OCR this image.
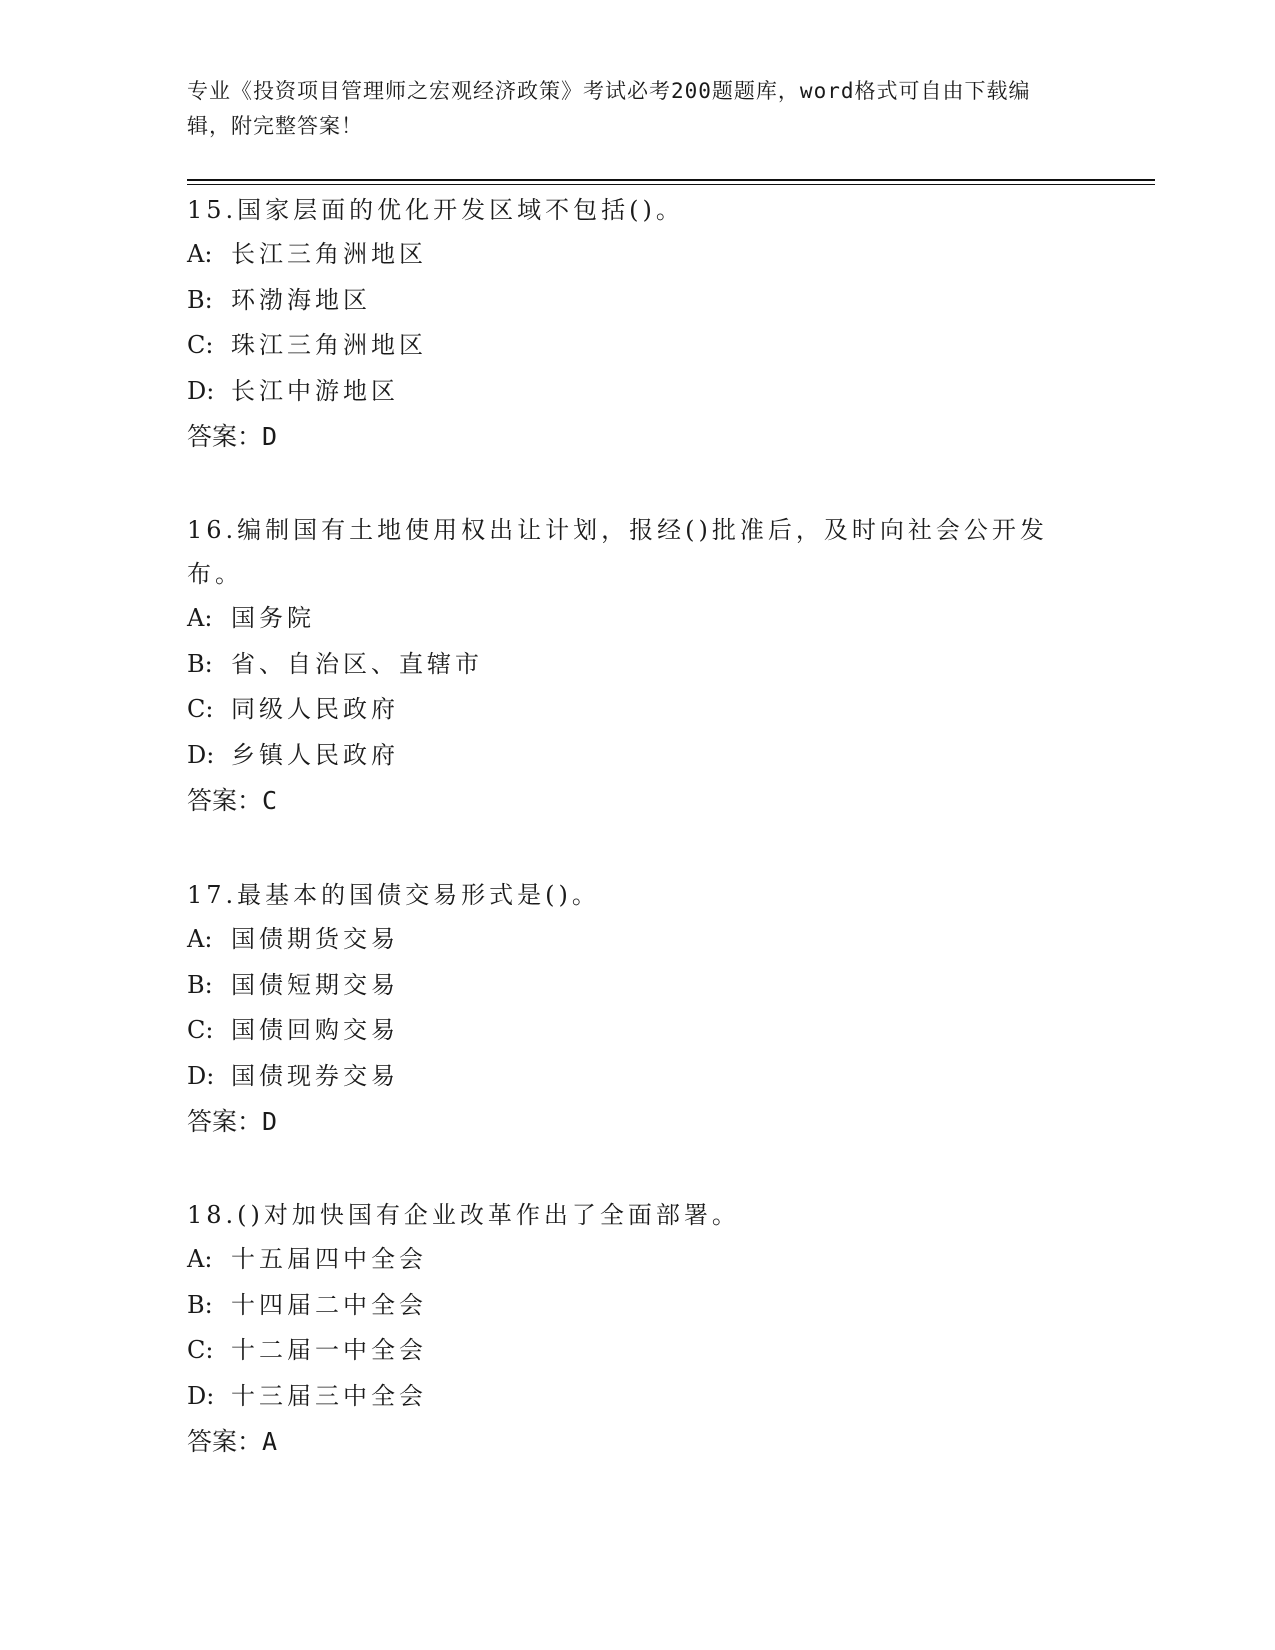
专业《投资项目管理师之宏观经济政策》考试必考200题题库，word格式可自由下载编辑，附完整答案！

15.国家层面的优化开发区域不包括()。

A: 长江三角洲地区

B: 环渤海地区

C: 珠江三角洲地区

D: 长江中游地区

答案：D

16.编制国有土地使用权出让计划，报经()批准后，及时向社会公开发布。

A: 国务院

B: 省、自治区、直辖市

C: 同级人民政府

D: 乡镇人民政府

答案：C

17.最基本的国债交易形式是()。

A: 国债期货交易

B: 国债短期交易

C: 国债回购交易

D: 国债现券交易

答案：D

18.()对加快国有企业改革作出了全面部署。

A: 十五届四中全会

B: 十四届二中全会

C: 十二届一中全会

D: 十三届三中全会

答案：A
